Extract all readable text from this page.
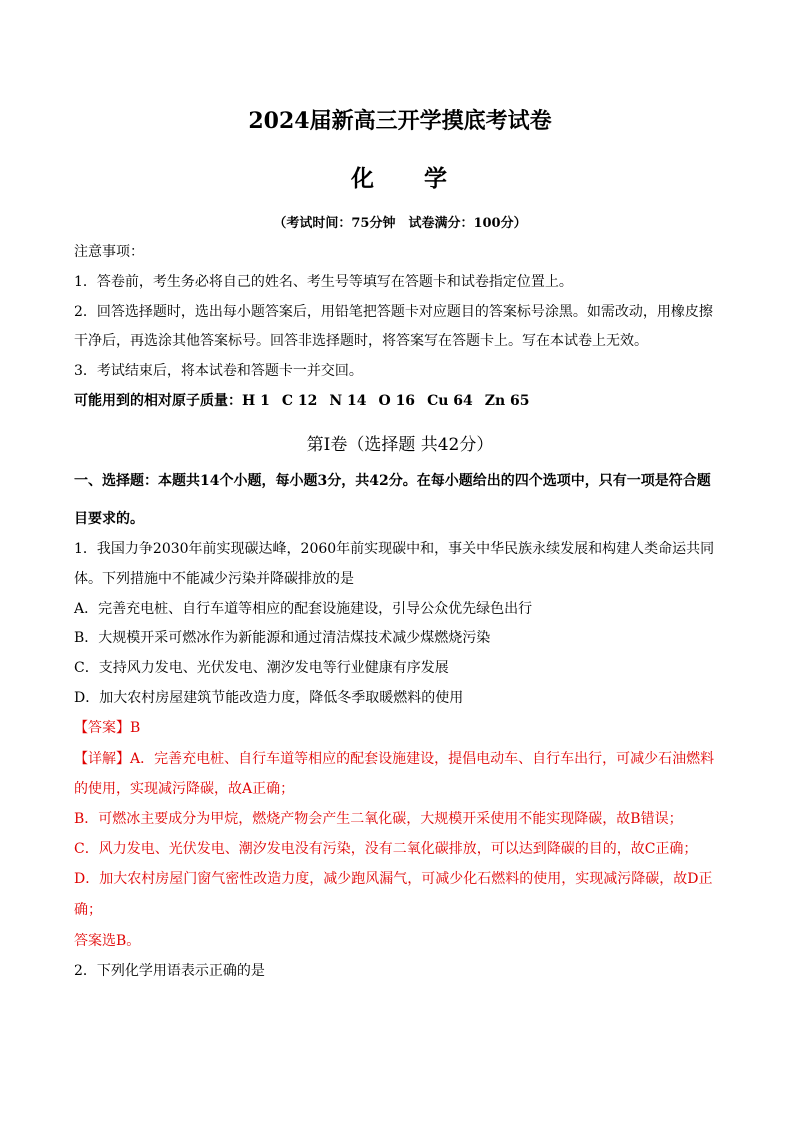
2024届新高三开学摸底考试卷
化 学
（考试时间：75分钟　试卷满分：100分）
注意事项：
1．答卷前，考生务必将自己的姓名、考生号等填写在答题卡和试卷指定位置上。
2．回答选择题时，选出每小题答案后，用铅笔把答题卡对应题目的答案标号涂黑。如需改动，用橡皮擦
干净后，再选涂其他答案标号。回答非选择题时，将答案写在答题卡上。写在本试卷上无效。
3．考试结束后，将本试卷和答题卡一并交回。
可能用到的相对原子质量：H 1 C 12 N 14 O 16 Cu 64 Zn 65
第Ⅰ卷（选择题 共42分）
一、选择题：本题共14个小题，每小题3分，共42分。在每小题给出的四个选项中，只有一项是符合题
目要求的。
1．我国力争2030年前实现碳达峰，2060年前实现碳中和，事关中华民族永续发展和构建人类命运共同
体。下列措施中不能减少污染并降碳排放的是
A．完善充电桩、自行车道等相应的配套设施建设，引导公众优先绿色出行
B．大规模开采可燃冰作为新能源和通过清洁煤技术减少煤燃烧污染
C．支持风力发电、光伏发电、潮汐发电等行业健康有序发展
D．加大农村房屋建筑节能改造力度，降低冬季取暖燃料的使用
【答案】B
【详解】A．完善充电桩、自行车道等相应的配套设施建设，提倡电动车、自行车出行，可减少石油燃料
的使用，实现减污降碳，故A正确；
B．可燃冰主要成分为甲烷，燃烧产物会产生二氧化碳，大规模开采使用不能实现降碳，故B错误；
C．风力发电、光伏发电、潮汐发电没有污染，没有二氧化碳排放，可以达到降碳的目的，故C正确；
D．加大农村房屋门窗气密性改造力度，减少跑风漏气，可减少化石燃料的使用，实现减污降碳，故D正
确；
答案选B。
2．下列化学用语表示正确的是
